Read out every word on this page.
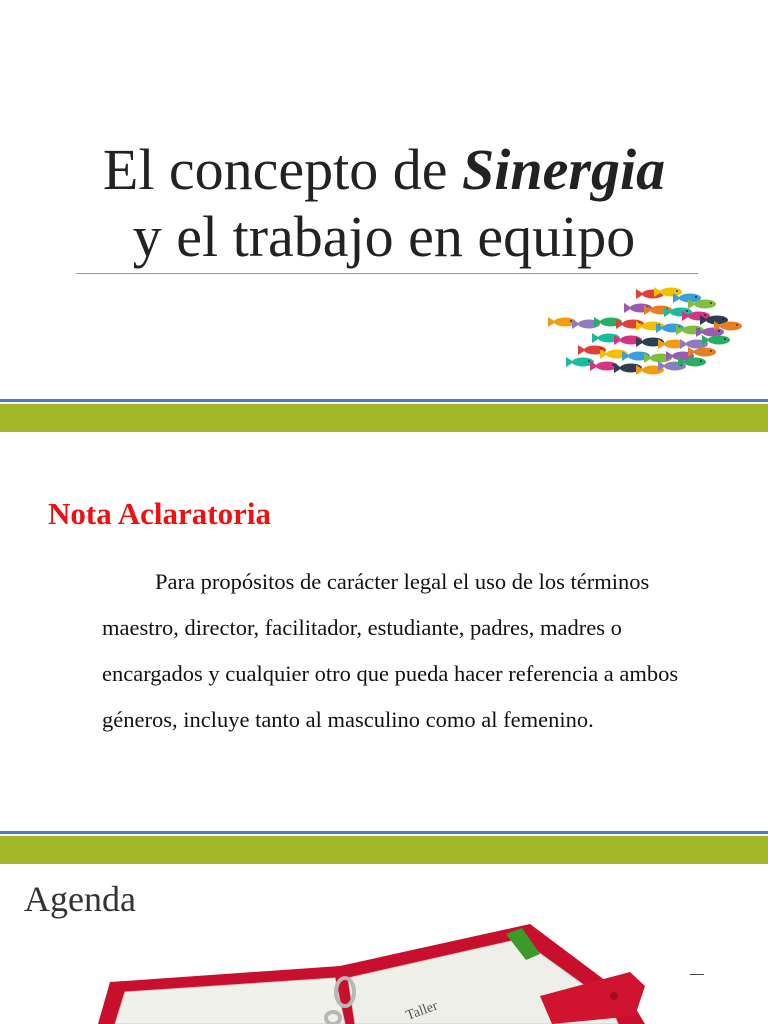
El concepto de Sinergia
y el trabajo en equipo
Nota Aclaratoria

Para propósitos de carácter legal el uso de los términos maestro, director, facilitador, estudiante, padres, madres o encargados y cualquier otro que pueda hacer referencia a ambos géneros, incluye tanto al masculino como al femenino.

Agenda
Taller
